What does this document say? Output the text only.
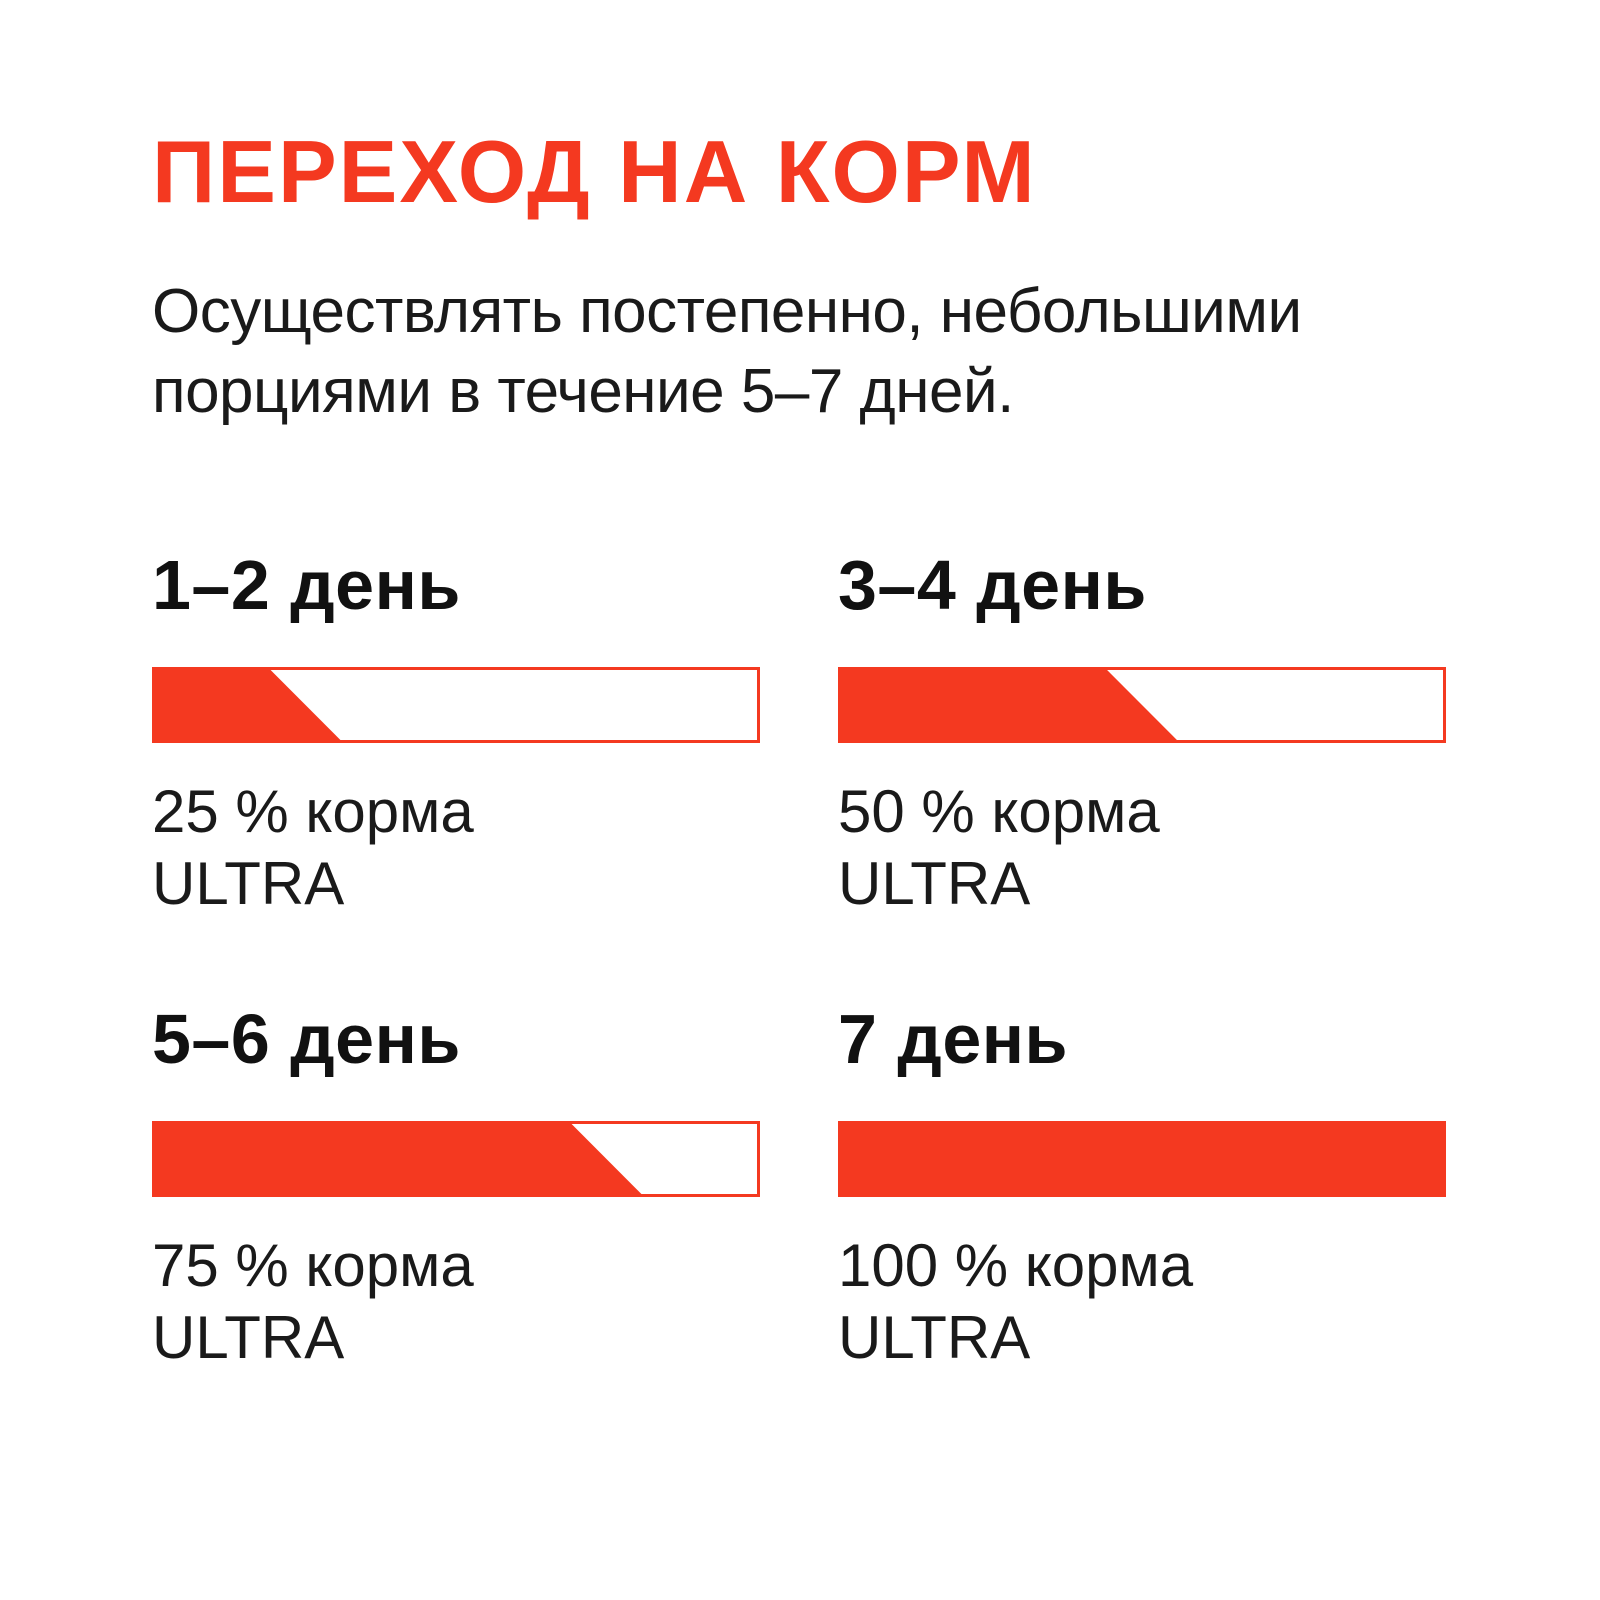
ПЕРЕХОД НА КОРМ
Осуществлять постепенно, небольшими
порциями в течение 5–7 дней.
1–2 день
25 % корма
ULTRA
3–4 день
50 % корма
ULTRA
5–6 день
75 % корма
ULTRA
7 день
100 % корма
ULTRA
